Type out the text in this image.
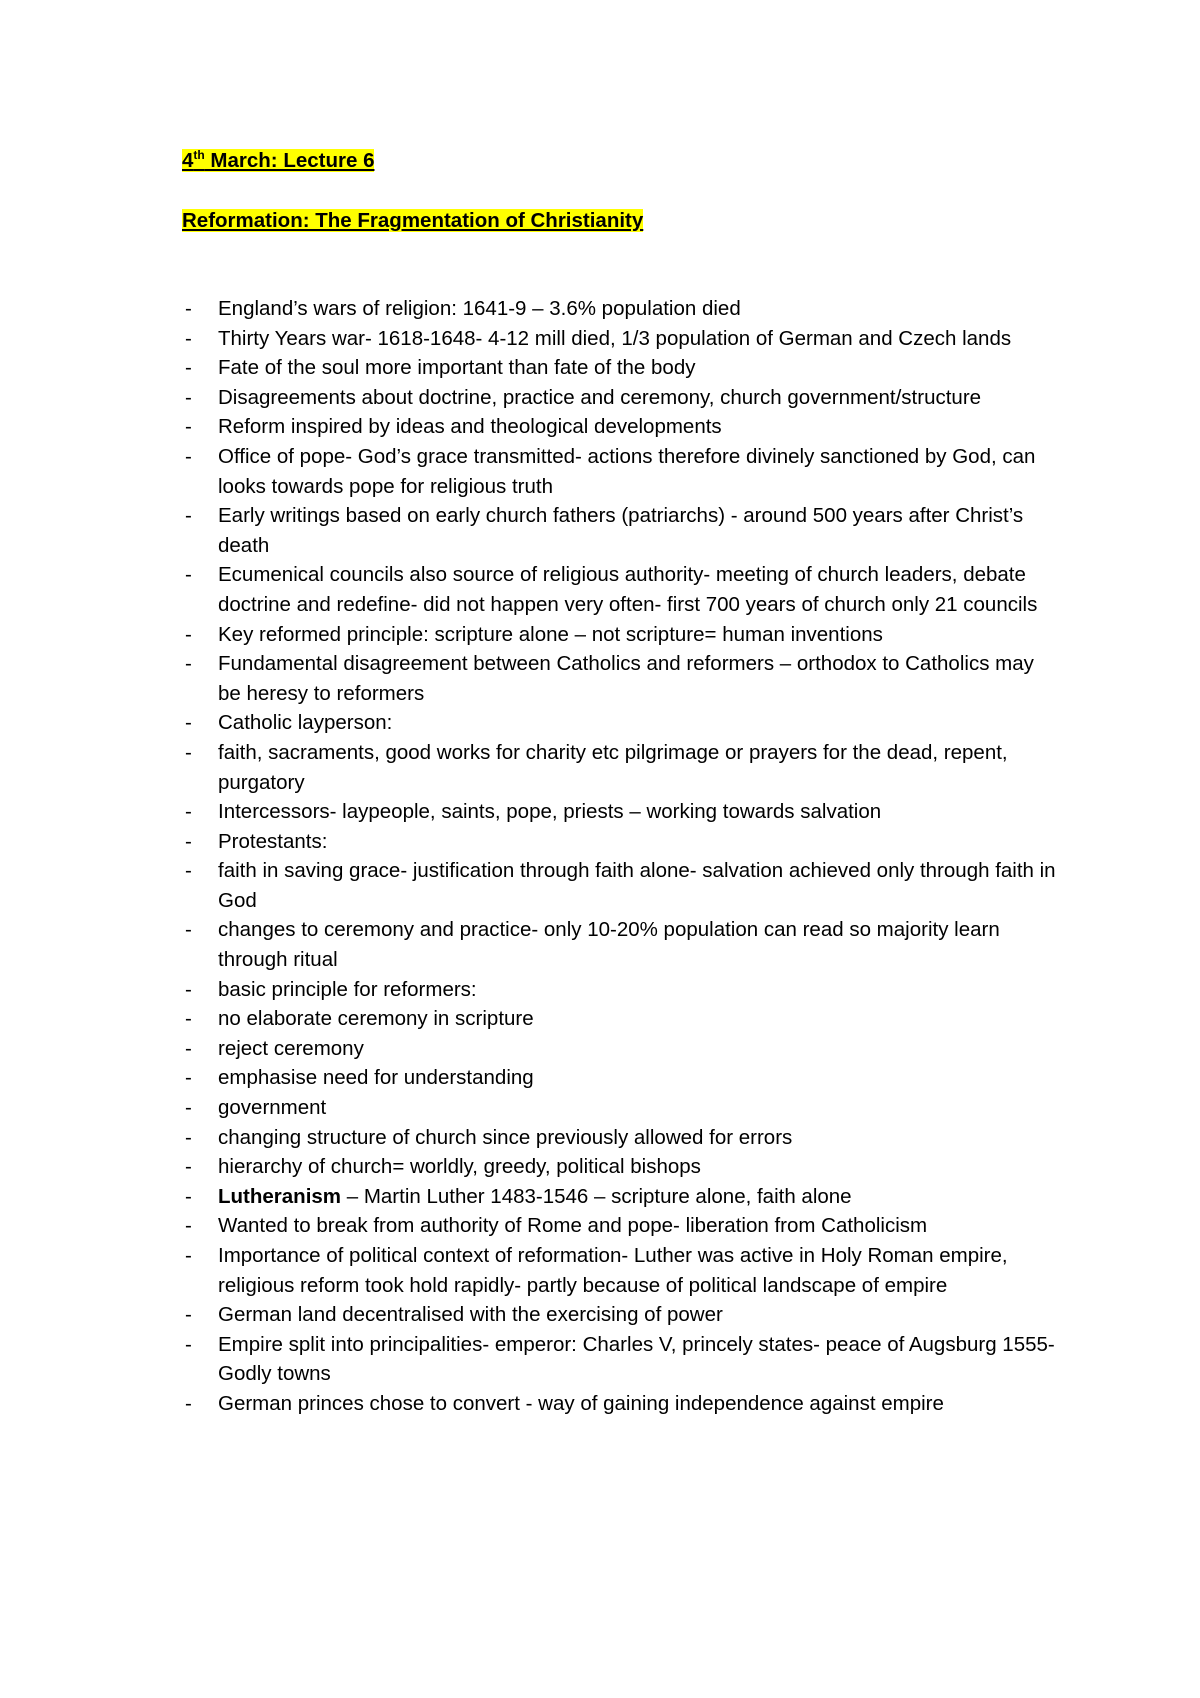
4th March: Lecture 6
Reformation: The Fragmentation of Christianity
- England’s wars of religion: 1641-9 – 3.6% population died
- Thirty Years war- 1618-1648- 4-12 mill died, 1/3 population of German and Czech lands
- Fate of the soul more important than fate of the body
- Disagreements about doctrine, practice and ceremony, church government/structure
- Reform inspired by ideas and theological developments
- Office of pope- God’s grace transmitted- actions therefore divinely sanctioned by God, can looks towards pope for religious truth
- Early writings based on early church fathers (patriarchs) - around 500 years after Christ’s death
- Ecumenical councils also source of religious authority- meeting of church leaders, debate doctrine and redefine- did not happen very often- first 700 years of church only 21 councils
- Key reformed principle: scripture alone – not scripture= human inventions
- Fundamental disagreement between Catholics and reformers – orthodox to Catholics may be heresy to reformers
- Catholic layperson:
- faith, sacraments, good works for charity etc pilgrimage or prayers for the dead, repent, purgatory
- Intercessors- laypeople, saints, pope, priests – working towards salvation
- Protestants:
- faith in saving grace- justification through faith alone- salvation achieved only through faith in God
- changes to ceremony and practice- only 10-20% population can read so majority learn through ritual
- basic principle for reformers:
- no elaborate ceremony in scripture
- reject ceremony
- emphasise need for understanding
- government
- changing structure of church since previously allowed for errors
- hierarchy of church= worldly, greedy, political bishops
- Lutheranism – Martin Luther 1483-1546 – scripture alone, faith alone
- Wanted to break from authority of Rome and pope- liberation from Catholicism
- Importance of political context of reformation- Luther was active in Holy Roman empire, religious reform took hold rapidly- partly because of political landscape of empire
- German land decentralised with the exercising of power
- Empire split into principalities- emperor: Charles V, princely states- peace of Augsburg 1555- Godly towns
- German princes chose to convert - way of gaining independence against empire
